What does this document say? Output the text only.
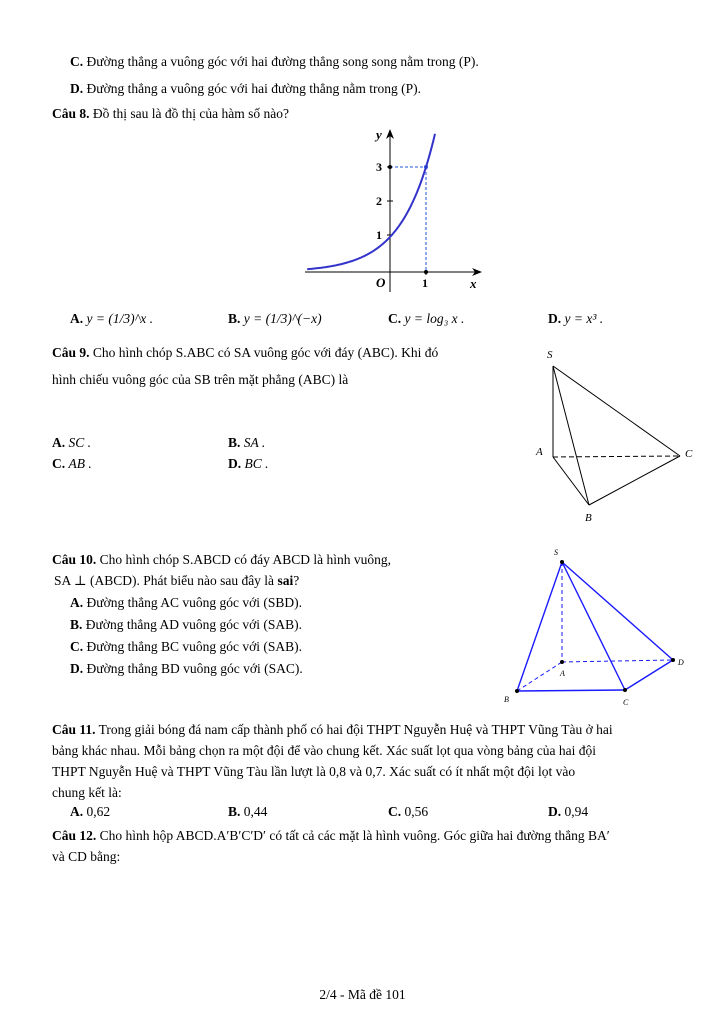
C. Đường thẳng a vuông góc với hai đường thẳng song song nằm trong (P).
D. Đường thẳng a vuông góc với hai đường thẳng nằm trong (P).
Câu 8. Đồ thị sau là đồ thị của hàm số nào?
y
x
O
1
2
3
1
A. y = (1/3)^x .	B. y = (1/3)^(−x)	C. y = log₃ x .	D. y = x³ .
Câu 9. Cho hình chóp S.ABC có SA vuông góc với đáy (ABC). Khi đó
hình chiếu vuông góc của SB trên mặt phẳng (ABC) là
A. SC .	B. SA .
C. AB .	D. BC .
S
A
B
C
Câu 10. Cho hình chóp S.ABCD có đáy ABCD là hình vuông,
SA ⊥ (ABCD). Phát biểu nào sau đây là sai?
A. Đường thẳng AC vuông góc với (SBD).
B. Đường thẳng AD vuông góc với (SAB).
C. Đường thẳng BC vuông góc với (SAB).
D. Đường thẳng BD vuông góc với (SAC).
S
A
B	C
D
Câu 11. Trong giải bóng đá nam cấp thành phố có hai đội THPT Nguyễn Huệ và THPT Vũng Tàu ở hai
bảng khác nhau. Mỗi bảng chọn ra một đội để vào chung kết. Xác suất lọt qua vòng bảng của hai đội
THPT Nguyễn Huệ và THPT Vũng Tàu lần lượt là 0,8 và 0,7. Xác suất có ít nhất một đội lọt vào
chung kết là:
A. 0,62	B. 0,44	C. 0,56	D. 0,94
Câu 12. Cho hình hộp ABCD.A′B′C′D′ có tất cả các mặt là hình vuông. Góc giữa hai đường thẳng BA′
và CD bằng:
2/4 - Mã đề 101
